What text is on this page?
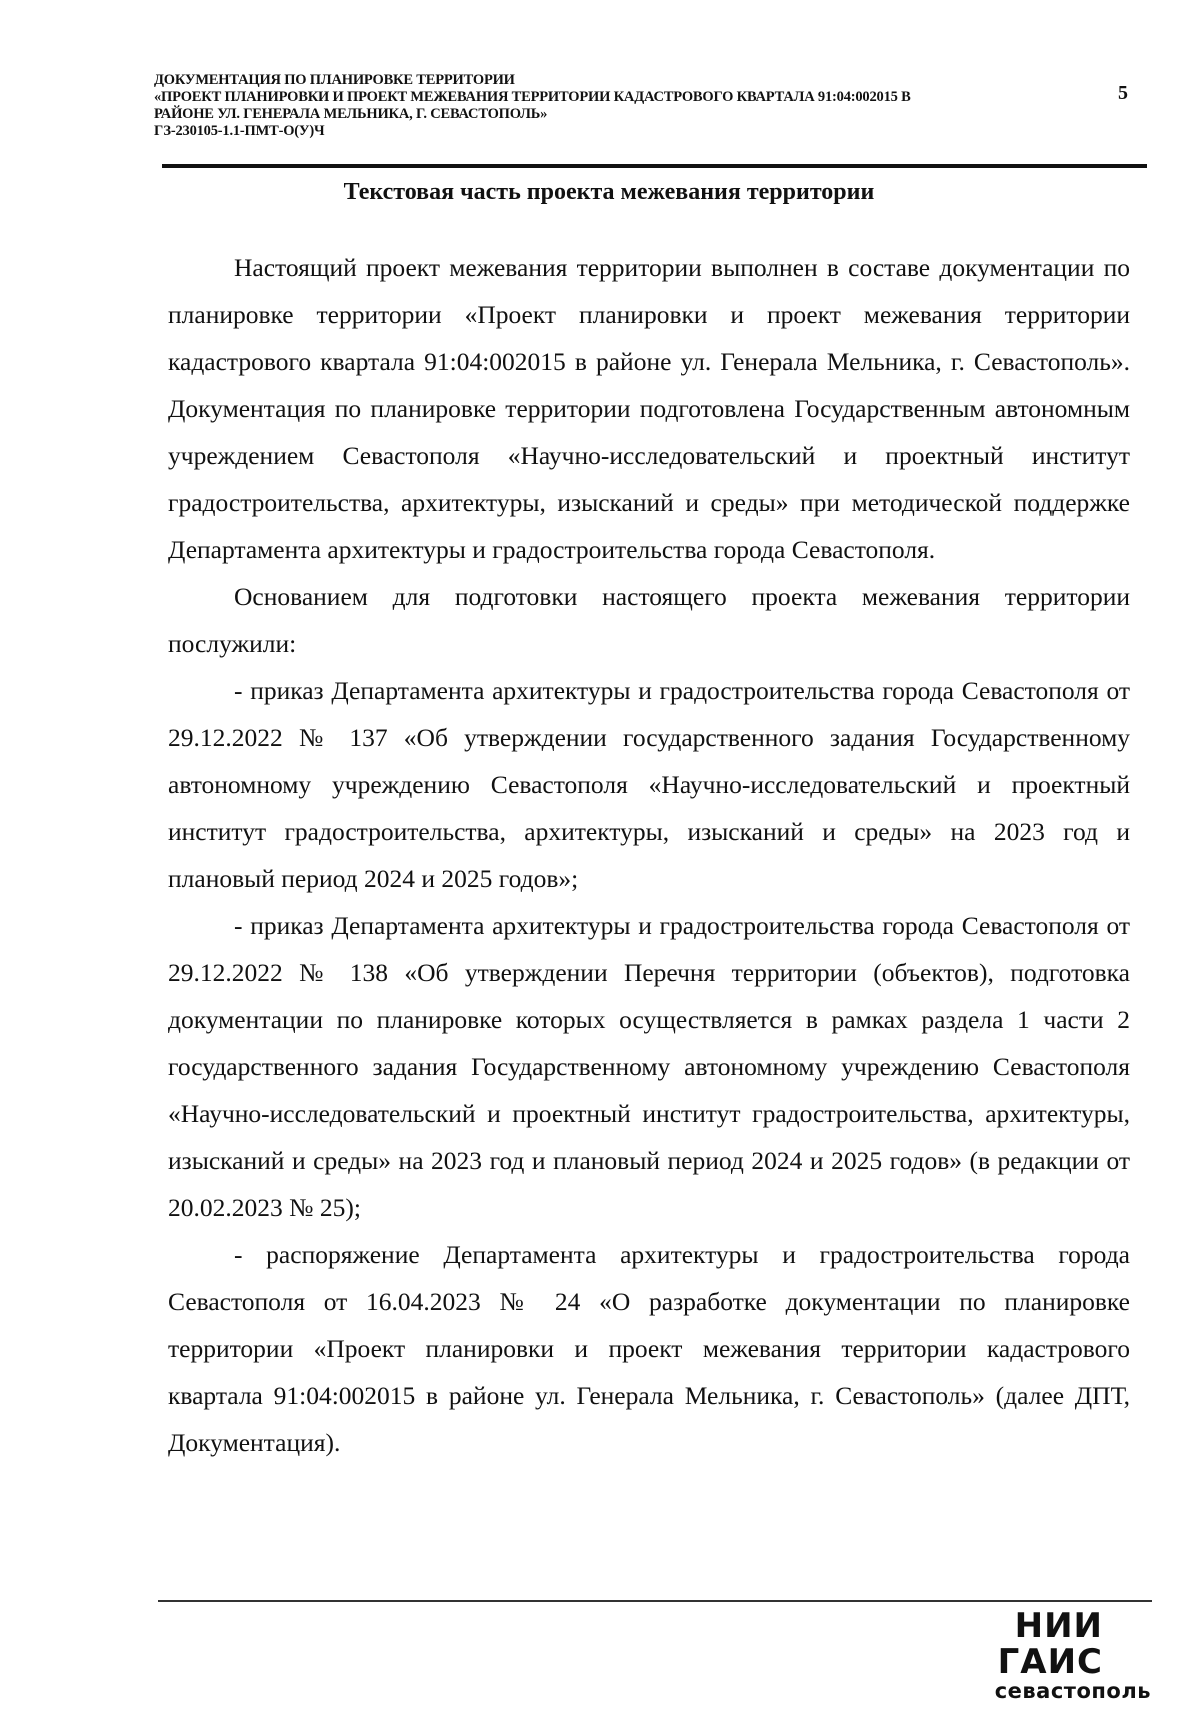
ДОКУМЕНТАЦИЯ ПО ПЛАНИРОВКЕ ТЕРРИТОРИИ
«ПРОЕКТ ПЛАНИРОВКИ И ПРОЕКТ МЕЖЕВАНИЯ ТЕРРИТОРИИ КАДАСТРОВОГО КВАРТАЛА 91:04:002015 В
РАЙОНЕ УЛ. ГЕНЕРАЛА МЕЛЬНИКА, Г. СЕВАСТОПОЛЬ»
ГЗ-230105-1.1-ПМТ-О(У)Ч
5
Текстовая часть проекта межевания территории

Настоящий проект межевания территории выполнен в составе документации по планировке территории «Проект планировки и проект межевания территории кадастрового квартала 91:04:002015 в районе ул. Генерала Мельника, г. Севастополь». Документация по планировке территории подготовлена Государственным автономным учреждением Севастополя «Научно-исследовательский и проектный институт градостроительства, архитектуры, изысканий и среды» при методической поддержке Департамента архитектуры и градостроительства города Севастополя.

Основанием для подготовки настоящего проекта межевания территории послужили:

- приказ Департамента архитектуры и градостроительства города Севастополя от 29.12.2022 № 137 «Об утверждении государственного задания Государственному автономному учреждению Севастополя «Научно-исследовательский и проектный институт градостроительства, архитектуры, изысканий и среды» на 2023 год и плановый период 2024 и 2025 годов»;

- приказ Департамента архитектуры и градостроительства города Севастополя от 29.12.2022 № 138 «Об утверждении Перечня территории (объектов), подготовка документации по планировке которых осуществляется в рамках раздела 1 части 2 государственного задания Государственному автономному учреждению Севастополя «Научно-исследовательский и проектный институт градостроительства, архитектуры, изысканий и среды» на 2023 год и плановый период 2024 и 2025 годов» (в редакции от 20.02.2023 № 25);

- распоряжение Департамента архитектуры и градостроительства города Севастополя от 16.04.2023 № 24 «О разработке документации по планировке территории «Проект планировки и проект межевания территории кадастрового квартала 91:04:002015 в районе ул. Генерала Мельника, г. Севастополь» (далее ДПТ, Документация).

НИИ ГАИС
севастополь
